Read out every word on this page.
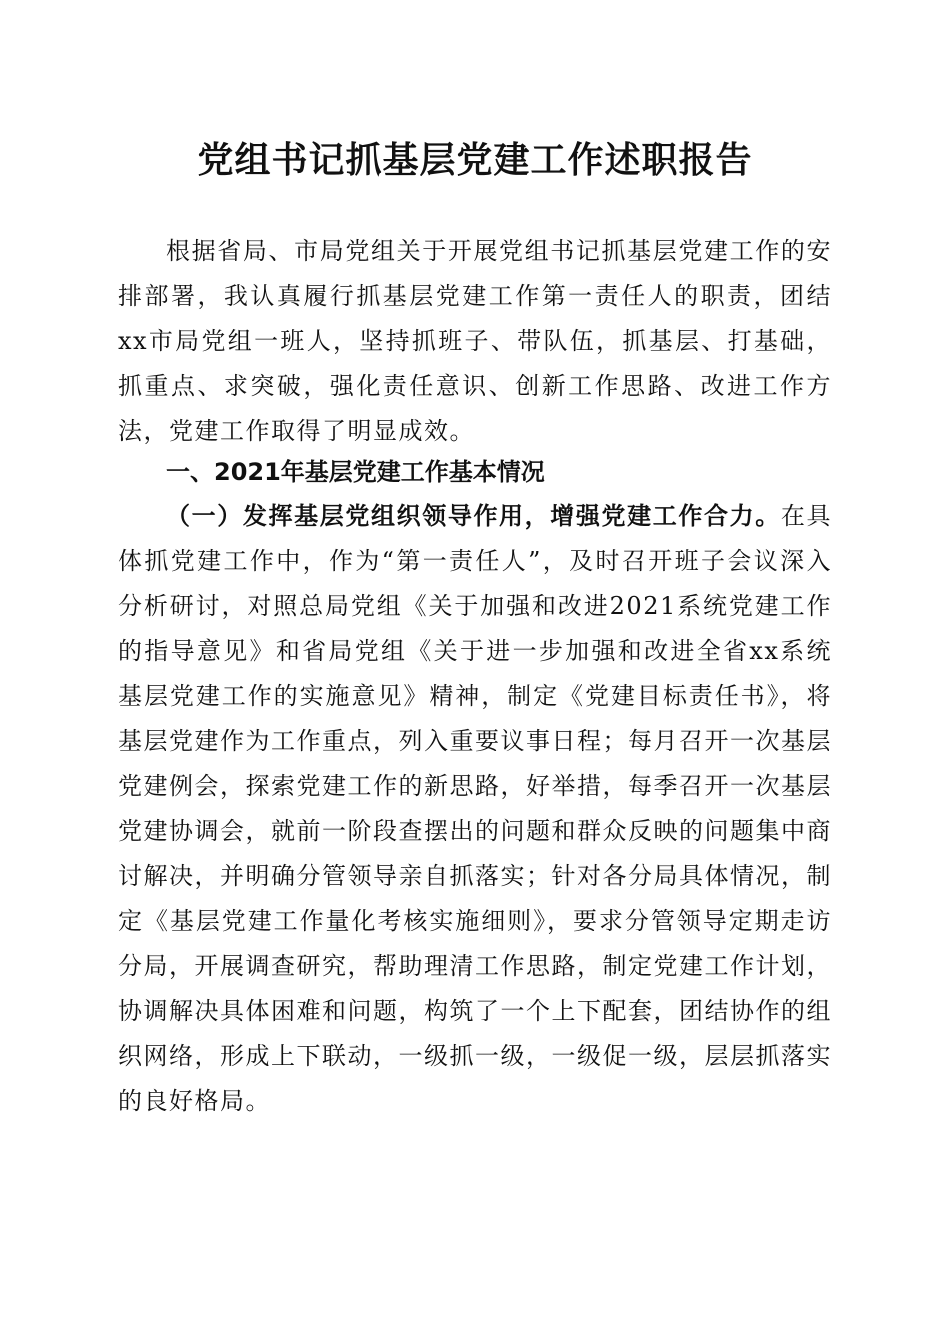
党组书记抓基层党建工作述职报告

根据省局、市局党组关于开展党组书记抓基层党建工作的安排部署，我认真履行抓基层党建工作第一责任人的职责，团结xx市局党组一班人，坚持抓班子、带队伍，抓基层、打基础，抓重点、求突破，强化责任意识、创新工作思路、改进工作方法，党建工作取得了明显成效。

一、2021年基层党建工作基本情况

（一）发挥基层党组织领导作用，增强党建工作合力。在具体抓党建工作中，作为“第一责任人”，及时召开班子会议深入分析研讨，对照总局党组《关于加强和改进2021系统党建工作的指导意见》和省局党组《关于进一步加强和改进全省xx系统基层党建工作的实施意见》精神，制定《党建目标责任书》，将基层党建作为工作重点，列入重要议事日程；每月召开一次基层党建例会，探索党建工作的新思路，好举措，每季召开一次基层党建协调会，就前一阶段查摆出的问题和群众反映的问题集中商讨解决，并明确分管领导亲自抓落实；针对各分局具体情况，制定《基层党建工作量化考核实施细则》，要求分管领导定期走访分局，开展调查研究，帮助理清工作思路，制定党建工作计划，协调解决具体困难和问题，构筑了一个上下配套，团结协作的组织网络，形成上下联动，一级抓一级，一级促一级，层层抓落实的良好格局。
